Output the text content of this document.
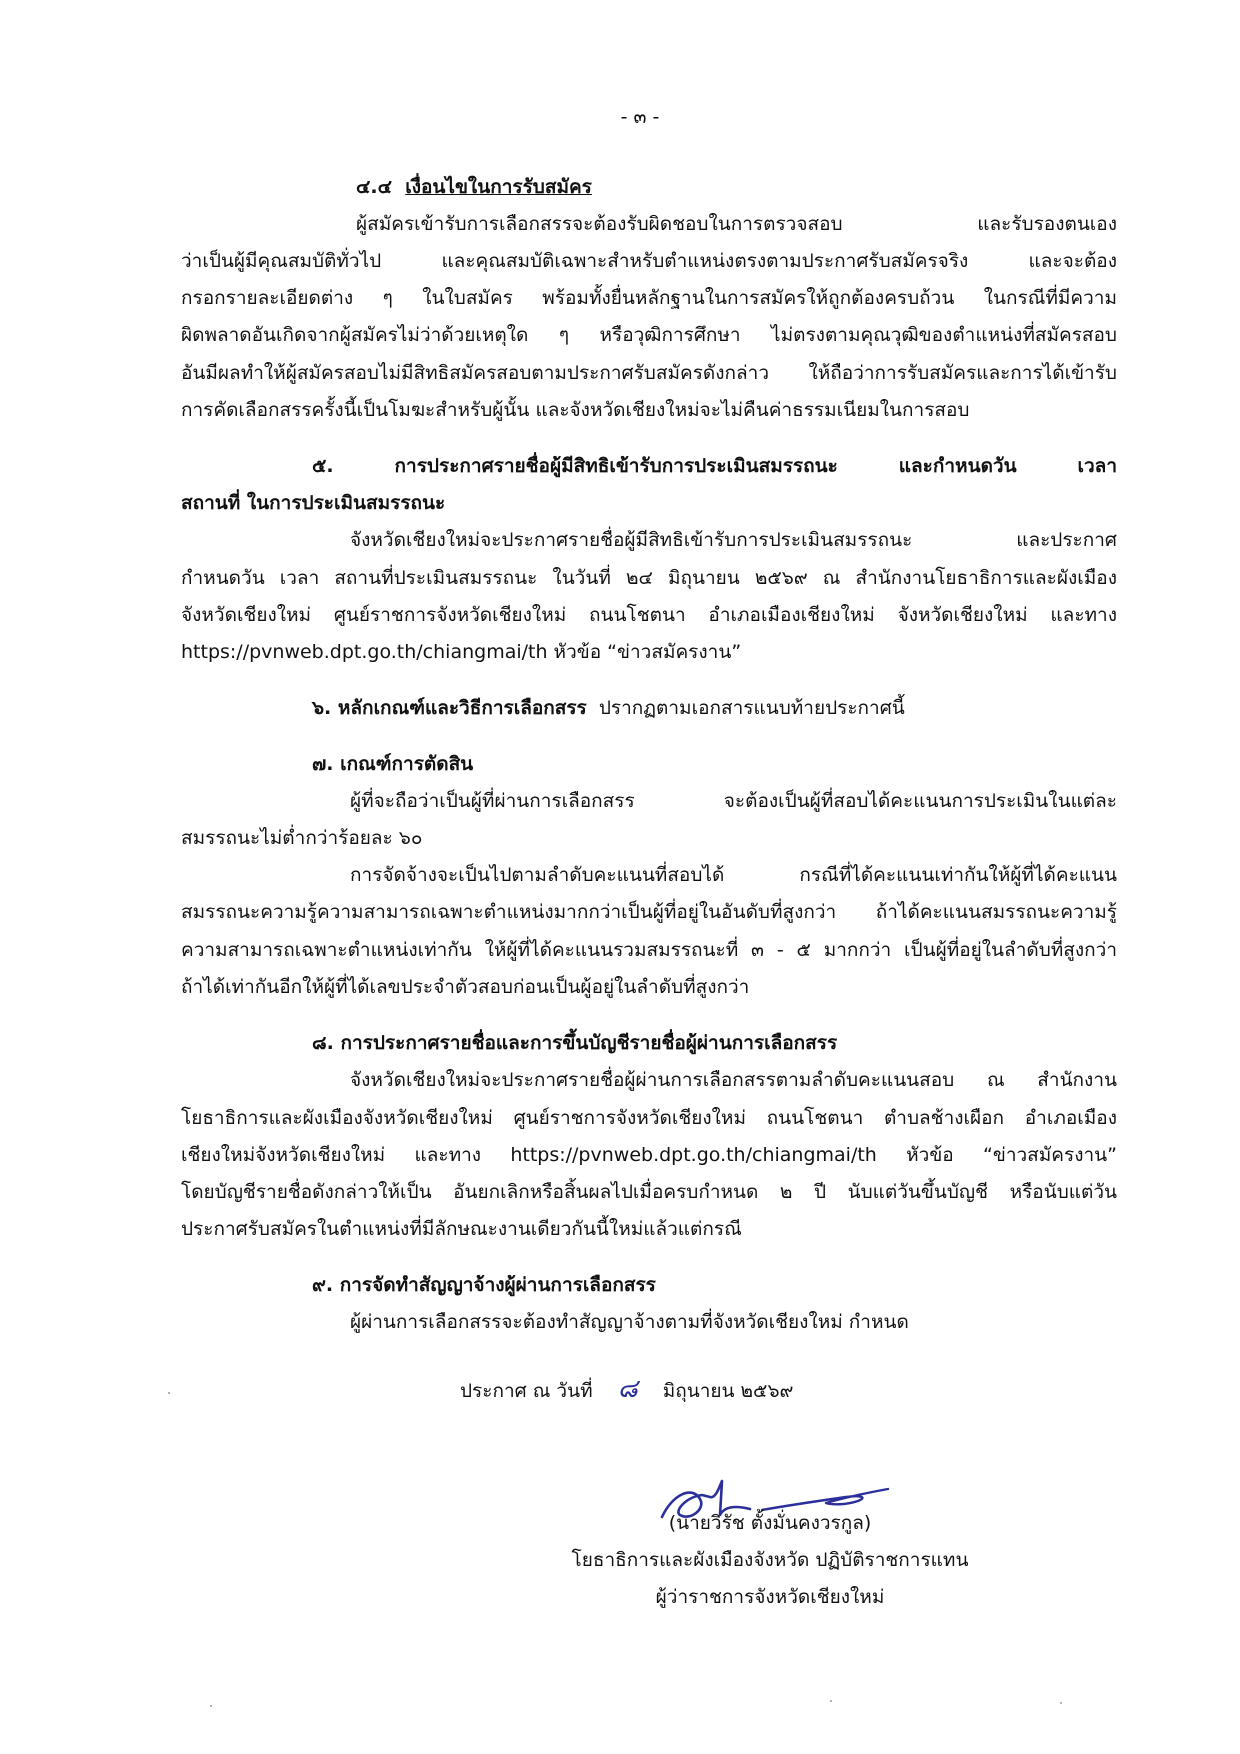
- ๓ -
๔.๔ เงื่อนไขในการรับสมัคร
ผู้สมัครเข้ารับการเลือกสรรจะต้องรับผิดชอบในการตรวจสอบ และรับรองตนเอง
ว่าเป็นผู้มีคุณสมบัติทั่วไป และคุณสมบัติเฉพาะสำหรับตำแหน่งตรงตามประกาศรับสมัครจริง และจะต้อง
กรอกรายละเอียดต่าง ๆ ในใบสมัคร พร้อมทั้งยื่นหลักฐานในการสมัครให้ถูกต้องครบถ้วน ในกรณีที่มีความ
ผิดพลาดอันเกิดจากผู้สมัครไม่ว่าด้วยเหตุใด ๆ หรือวุฒิการศึกษา ไม่ตรงตามคุณวุฒิของตำแหน่งที่สมัครสอบ
อันมีผลทำให้ผู้สมัครสอบไม่มีสิทธิสมัครสอบตามประกาศรับสมัครดังกล่าว ให้ถือว่าการรับสมัครและการได้เข้ารับ
การคัดเลือกสรรครั้งนี้เป็นโมฆะสำหรับผู้นั้น และจังหวัดเชียงใหม่จะไม่คืนค่าธรรมเนียมในการสอบ
๕. การประกาศรายชื่อผู้มีสิทธิเข้ารับการประเมินสมรรถนะ และกำหนดวัน เวลา
สถานที่ ในการประเมินสมรรถนะ
จังหวัดเชียงใหม่จะประกาศรายชื่อผู้มีสิทธิเข้ารับการประเมินสมรรถนะ และประกาศ
กำหนดวัน เวลา สถานที่ประเมินสมรรถนะ ในวันที่ ๒๔ มิถุนายน ๒๕๖๙ ณ สำนักงานโยธาธิการและผังเมือง
จังหวัดเชียงใหม่ ศูนย์ราชการจังหวัดเชียงใหม่ ถนนโชตนา อำเภอเมืองเชียงใหม่ จังหวัดเชียงใหม่ และทาง
https://pvnweb.dpt.go.th/chiangmai/th หัวข้อ “ข่าวสมัครงาน”
๖. หลักเกณฑ์และวิธีการเลือกสรร ปรากฏตามเอกสารแนบท้ายประกาศนี้
๗. เกณฑ์การตัดสิน
ผู้ที่จะถือว่าเป็นผู้ที่ผ่านการเลือกสรร จะต้องเป็นผู้ที่สอบได้คะแนนการประเมินในแต่ละ
สมรรถนะไม่ต่ำกว่าร้อยละ ๖๐
การจัดจ้างจะเป็นไปตามลำดับคะแนนที่สอบได้ กรณีที่ได้คะแนนเท่ากันให้ผู้ที่ได้คะแนน
สมรรถนะความรู้ความสามารถเฉพาะตำแหน่งมากกว่าเป็นผู้ที่อยู่ในอันดับที่สูงกว่า ถ้าได้คะแนนสมรรถนะความรู้
ความสามารถเฉพาะตำแหน่งเท่ากัน ให้ผู้ที่ได้คะแนนรวมสมรรถนะที่ ๓ - ๕ มากกว่า เป็นผู้ที่อยู่ในลำดับที่สูงกว่า
ถ้าได้เท่ากันอีกให้ผู้ที่ได้เลขประจำตัวสอบก่อนเป็นผู้อยู่ในลำดับที่สูงกว่า
๘. การประกาศรายชื่อและการขึ้นบัญชีรายชื่อผู้ผ่านการเลือกสรร
จังหวัดเชียงใหม่จะประกาศรายชื่อผู้ผ่านการเลือกสรรตามลำดับคะแนนสอบ ณ สำนักงาน
โยธาธิการและผังเมืองจังหวัดเชียงใหม่ ศูนย์ราชการจังหวัดเชียงใหม่ ถนนโชตนา ตำบลช้างเผือก อำเภอเมือง
เชียงใหม่จังหวัดเชียงใหม่ และทาง https://pvnweb.dpt.go.th/chiangmai/th หัวข้อ “ข่าวสมัครงาน”
โดยบัญชีรายชื่อดังกล่าวให้เป็น อันยกเลิกหรือสิ้นผลไปเมื่อครบกำหนด ๒ ปี นับแต่วันขึ้นบัญชี หรือนับแต่วัน
ประกาศรับสมัครในตำแหน่งที่มีลักษณะงานเดียวกันนี้ใหม่แล้วแต่กรณี
๙. การจัดทำสัญญาจ้างผู้ผ่านการเลือกสรร
ผู้ผ่านการเลือกสรรจะต้องทำสัญญาจ้างตามที่จังหวัดเชียงใหม่ กำหนด
ประกาศ ณ วันที่ ๘ มิถุนายน ๒๕๖๙
(นายวิรัช ตั้งมั่นคงวรกูล)
โยธาธิการและผังเมืองจังหวัด ปฏิบัติราชการแทน
ผู้ว่าราชการจังหวัดเชียงใหม่
